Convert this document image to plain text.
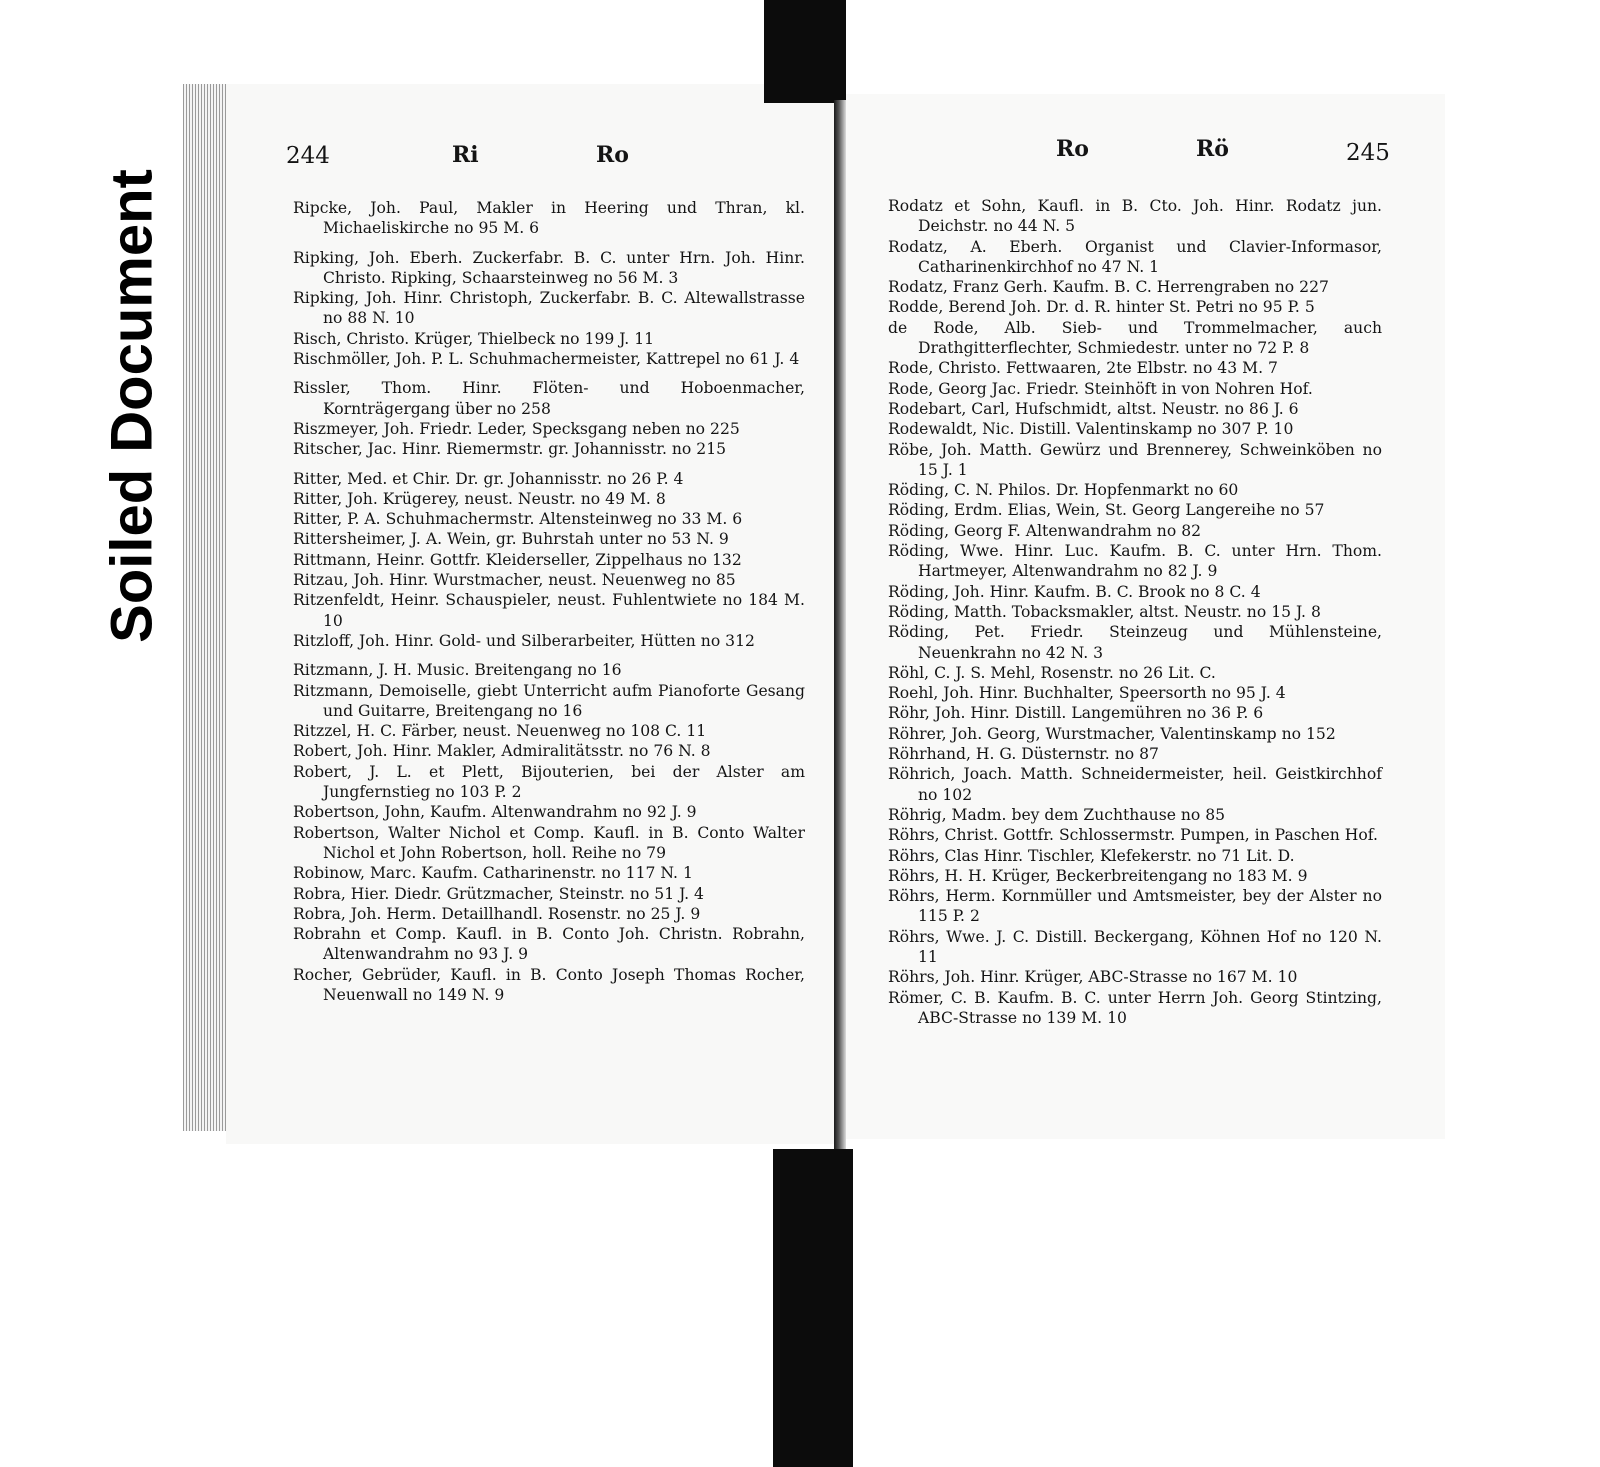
Soiled Document
244	Ri	Ro	Ro	Rö	245
Ripcke, Joh. Paul, Makler in Heering und Thran, kl. Michaeliskirche no 95 M. 6
Ripking, Joh. Eberh. Zuckerfabr. B. C. unter Hrn. Joh. Hinr. Christo. Ripking, Schaarsteinweg no 56 M. 3
Ripking, Joh. Hinr. Christoph, Zuckerfabr. B. C. Altewallstrasse no 88 N. 10
Risch, Christo. Krüger, Thielbeck no 199 J. 11
Rischmöller, Joh. P. L. Schuhmachermeister, Kattrepel no 61 J. 4
Rissler, Thom. Hinr. Flöten- und Hoboenmacher, Kornträgergang über no 258
Riszmeyer, Joh. Friedr. Leder, Specksgang neben no 225
Ritscher, Jac. Hinr. Riemermstr. gr. Johannisstr. no 215
Ritter, Med. et Chir. Dr. gr. Johannisstr. no 26 P. 4
Ritter, Joh. Krügerey, neust. Neustr. no 49 M. 8
Ritter, P. A. Schuhmachermstr. Altensteinweg no 33 M. 6
Rittersheimer, J. A. Wein, gr. Buhrstah unter no 53 N. 9
Rittmann, Heinr. Gottfr. Kleiderseller, Zippelhaus no 132
Ritzau, Joh. Hinr. Wurstmacher, neust. Neuenweg no 85
Ritzenfeldt, Heinr. Schauspieler, neust. Fuhlentwiete no 184 M. 10
Ritzloff, Joh. Hinr. Gold- und Silberarbeiter, Hütten no 312
Ritzmann, J. H. Music. Breitengang no 16
Ritzmann, Demoiselle, giebt Unterricht aufm Pianoforte Gesang und Guitarre, Breitengang no 16
Ritzzel, H. C. Färber, neust. Neuenweg no 108 C. 11
Robert, Joh. Hinr. Makler, Admiralitätsstr. no 76 N. 8
Robert, J. L. et Plett, Bijouterien, bei der Alster am Jungfernstieg no 103 P. 2
Robertson, John, Kaufm. Altenwandrahm no 92 J. 9
Robertson, Walter Nichol et Comp. Kaufl. in B. Conto Walter Nichol et John Robertson, holl. Reihe no 79
Robinow, Marc. Kaufm. Catharinenstr. no 117 N. 1
Robra, Hier. Diedr. Grützmacher, Steinstr. no 51 J. 4
Robra, Joh. Herm. Detaillhandl. Rosenstr. no 25 J. 9
Robrahn et Comp. Kaufl. in B. Conto Joh. Christn. Robrahn, Altenwandrahm no 93 J. 9
Rocher, Gebrüder, Kaufl. in B. Conto Joseph Thomas Rocher, Neuenwall no 149 N. 9
Rodatz et Sohn, Kaufl. in B. Cto. Joh. Hinr. Rodatz jun. Deichstr. no 44 N. 5
Rodatz, A. Eberh. Organist und Clavier-Informasor, Catharinenkirchhof no 47 N. 1
Rodatz, Franz Gerh. Kaufm. B. C. Herrengraben no 227
Rodde, Berend Joh. Dr. d. R. hinter St. Petri no 95 P. 5
de Rode, Alb. Sieb- und Trommelmacher, auch Drathgitterflechter, Schmiedestr. unter no 72 P. 8
Rode, Christo. Fettwaaren, 2te Elbstr. no 43 M. 7
Rode, Georg Jac. Friedr. Steinhöft in von Nohren Hof.
Rodebart, Carl, Hufschmidt, altst. Neustr. no 86 J. 6
Rodewaldt, Nic. Distill. Valentinskamp no 307 P. 10
Röbe, Joh. Matth. Gewürz und Brennerey, Schweinköben no 15 J. 1
Röding, C. N. Philos. Dr. Hopfenmarkt no 60
Röding, Erdm. Elias, Wein, St. Georg Langereihe no 57
Röding, Georg F. Altenwandrahm no 82
Röding, Wwe. Hinr. Luc. Kaufm. B. C. unter Hrn. Thom. Hartmeyer, Altenwandrahm no 82 J. 9
Röding, Joh. Hinr. Kaufm. B. C. Brook no 8 C. 4
Röding, Matth. Tobacksmakler, altst. Neustr. no 15 J. 8
Röding, Pet. Friedr. Steinzeug und Mühlensteine, Neuenkrahn no 42 N. 3
Röhl, C. J. S. Mehl, Rosenstr. no 26 Lit. C.
Roehl, Joh. Hinr. Buchhalter, Speersorth no 95 J. 4
Röhr, Joh. Hinr. Distill. Langemühren no 36 P. 6
Röhrer, Joh. Georg, Wurstmacher, Valentinskamp no 152
Röhrhand, H. G. Düsternstr. no 87
Röhrich, Joach. Matth. Schneidermeister, heil. Geistkirchhof no 102
Röhrig, Madm. bey dem Zuchthause no 85
Röhrs, Christ. Gottfr. Schlossermstr. Pumpen, in Paschen Hof.
Röhrs, Clas Hinr. Tischler, Klefekerstr. no 71 Lit. D.
Röhrs, H. H. Krüger, Beckerbreitengang no 183 M. 9
Röhrs, Herm. Kornmüller und Amtsmeister, bey der Alster no 115 P. 2
Röhrs, Wwe. J. C. Distill. Beckergang, Köhnen Hof no 120 N. 11
Röhrs, Joh. Hinr. Krüger, ABC-Strasse no 167 M. 10
Römer, C. B. Kaufm. B. C. unter Herrn Joh. Georg Stintzing, ABC-Strasse no 139 M. 10
